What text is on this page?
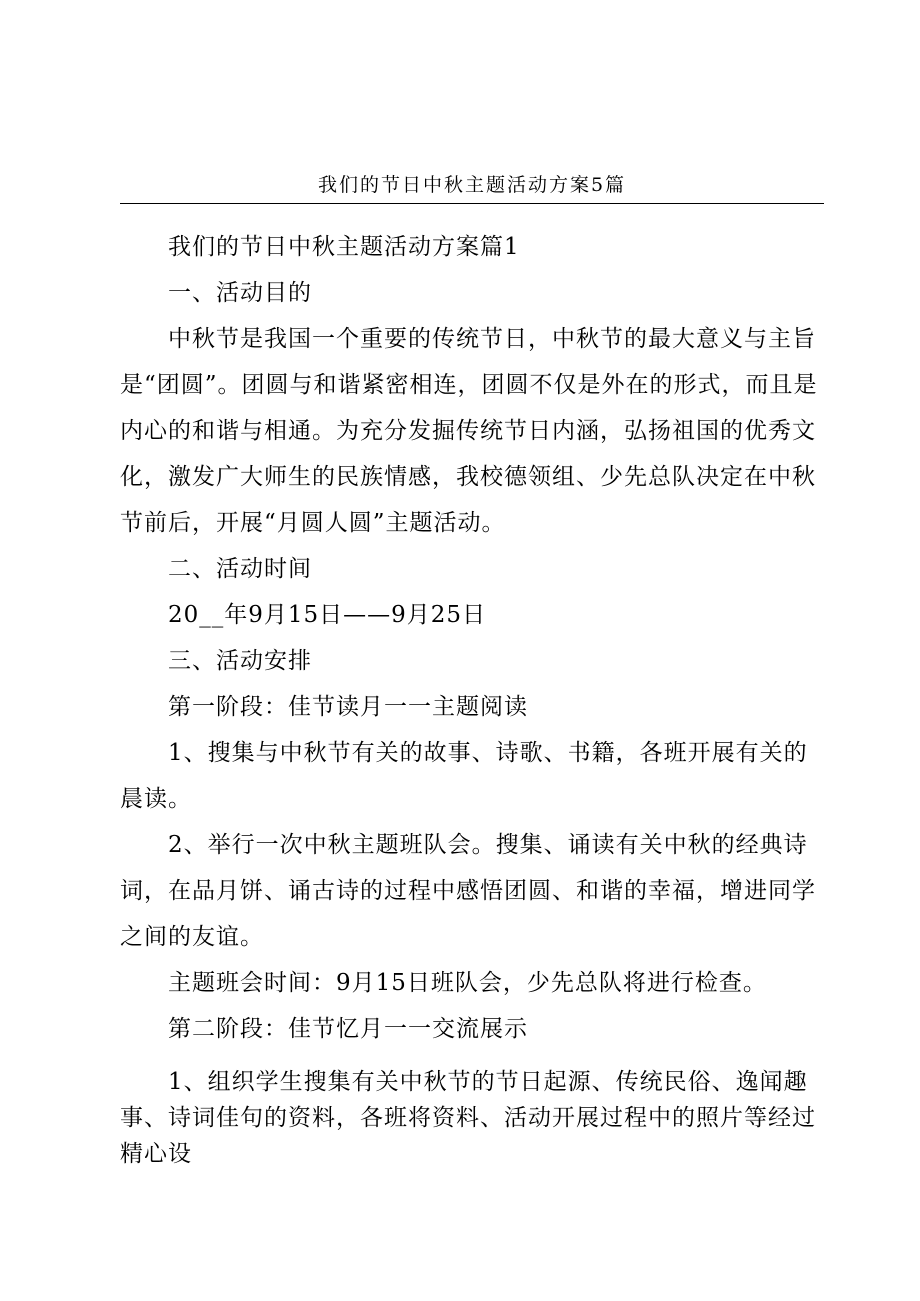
我们的节日中秋主题活动方案5篇

我们的节日中秋主题活动方案篇1

一、活动目的

中秋节是我国一个重要的传统节日，中秋节的最大意义与主旨是“团圆”。团圆与和谐紧密相连，团圆不仅是外在的形式，而且是内心的和谐与相通。为充分发掘传统节日内涵，弘扬祖国的优秀文化，激发广大师生的民族情感，我校德领组、少先总队决定在中秋节前后，开展“月圆人圆”主题活动。

二、活动时间

20__年9月15日——9月25日

三、活动安排

第一阶段：佳节读月一一主题阅读

1、搜集与中秋节有关的故事、诗歌、书籍，各班开展有关的晨读。

2、举行一次中秋主题班队会。搜集、诵读有关中秋的经典诗词，在品月饼、诵古诗的过程中感悟团圆、和谐的幸福，增进同学之间的友谊。

主题班会时间：9月15日班队会，少先总队将进行检查。

第二阶段：佳节忆月一一交流展示

1、组织学生搜集有关中秋节的节日起源、传统民俗、逸闻趣事、诗词佳句的资料，各班将资料、活动开展过程中的照片等经过精心设
